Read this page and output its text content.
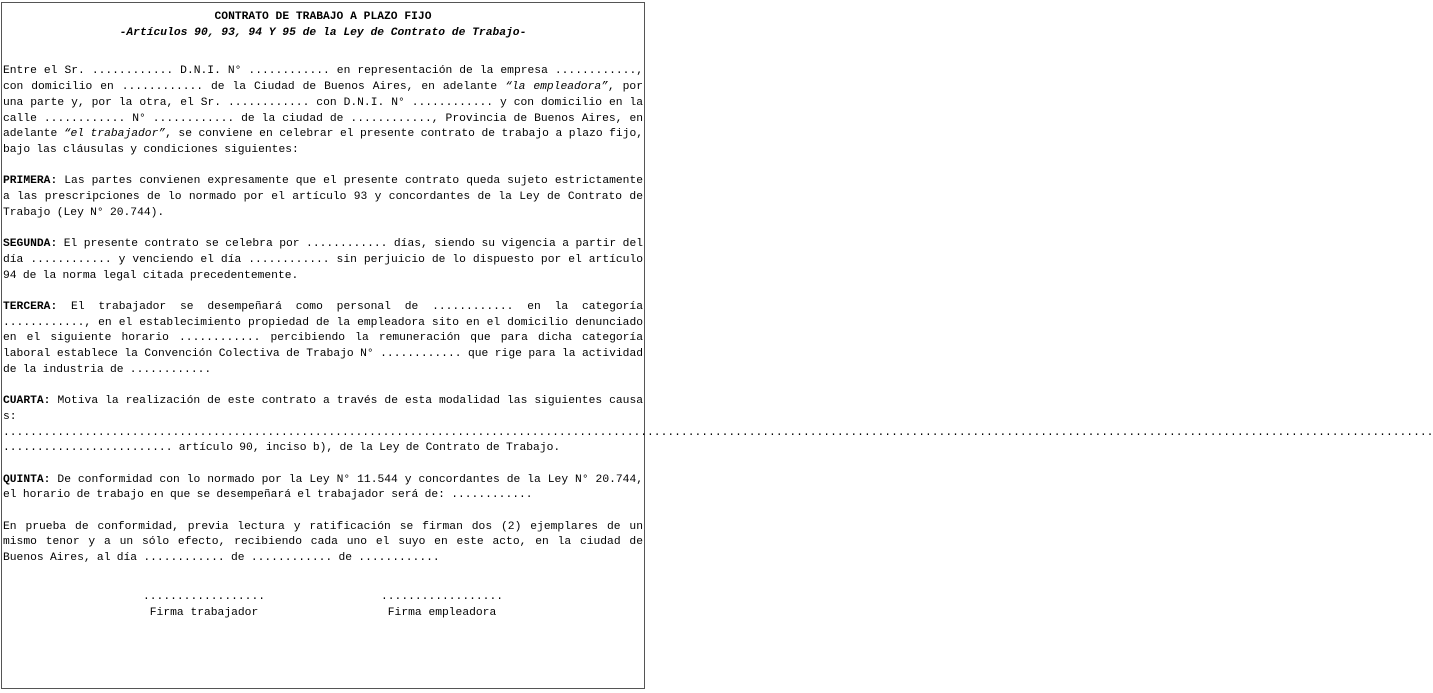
CONTRATO DE TRABAJO A PLAZO FIJO

-Artículos 90, 93, 94 Y 95 de la Ley de Contrato de Trabajo-

Entre el Sr. ............ D.N.I. N° ............ en representación de la empresa ............, con domicilio en ............ de la Ciudad de Buenos Aires, en adelante “la empleadora”, por una parte y, por la otra, el Sr. ............ con D.N.I. N° ............ y con domicilio en la calle ............ N° ............ de la ciudad de ............, Provincia de Buenos Aires, en adelante “el trabajador”, se conviene en celebrar el presente contrato de trabajo a plazo fijo, bajo las cláusulas y condiciones siguientes:

PRIMERA: Las partes convienen expresamente que el presente contrato queda sujeto estrictamente a las prescripciones de lo normado por el artículo 93 y concordantes de la Ley de Contrato de Trabajo (Ley N° 20.744).

SEGUNDA: El presente contrato se celebra por ............ días, siendo su vigencia a partir del día ............ y venciendo el día ............ sin perjuicio de lo dispuesto por el artículo 94 de la norma legal citada precedentemente.

TERCERA: El trabajador se desempeñará como personal de ............ en la categoría ............, en el establecimiento propiedad de la empleadora sito en el domicilio denunciado en el siguiente horario ............ percibiendo la remuneración que para dicha categoría laboral establece la Convención Colectiva de Trabajo N° ............ que rige para la actividad de la industria de ............

CUARTA: Motiva la realización de este contrato a través de esta modalidad las siguientes causas: ...................................................................................................................................................................................................................

......................... artículo 90, inciso b), de la Ley de Contrato de Trabajo.

QUINTA: De conformidad con lo normado por la Ley N° 11.544 y concordantes de la Ley N° 20.744, el horario de trabajo en que se desempeñará el trabajador será de: ............

En prueba de conformidad, previa lectura y ratificación se firman dos (2) ejemplares de un mismo tenor y a un sólo efecto, recibiendo cada uno el suyo en este acto, en la ciudad de Buenos Aires, al día ............ de ............ de ............

..................
Firma trabajador
..................
Firma empleadora
